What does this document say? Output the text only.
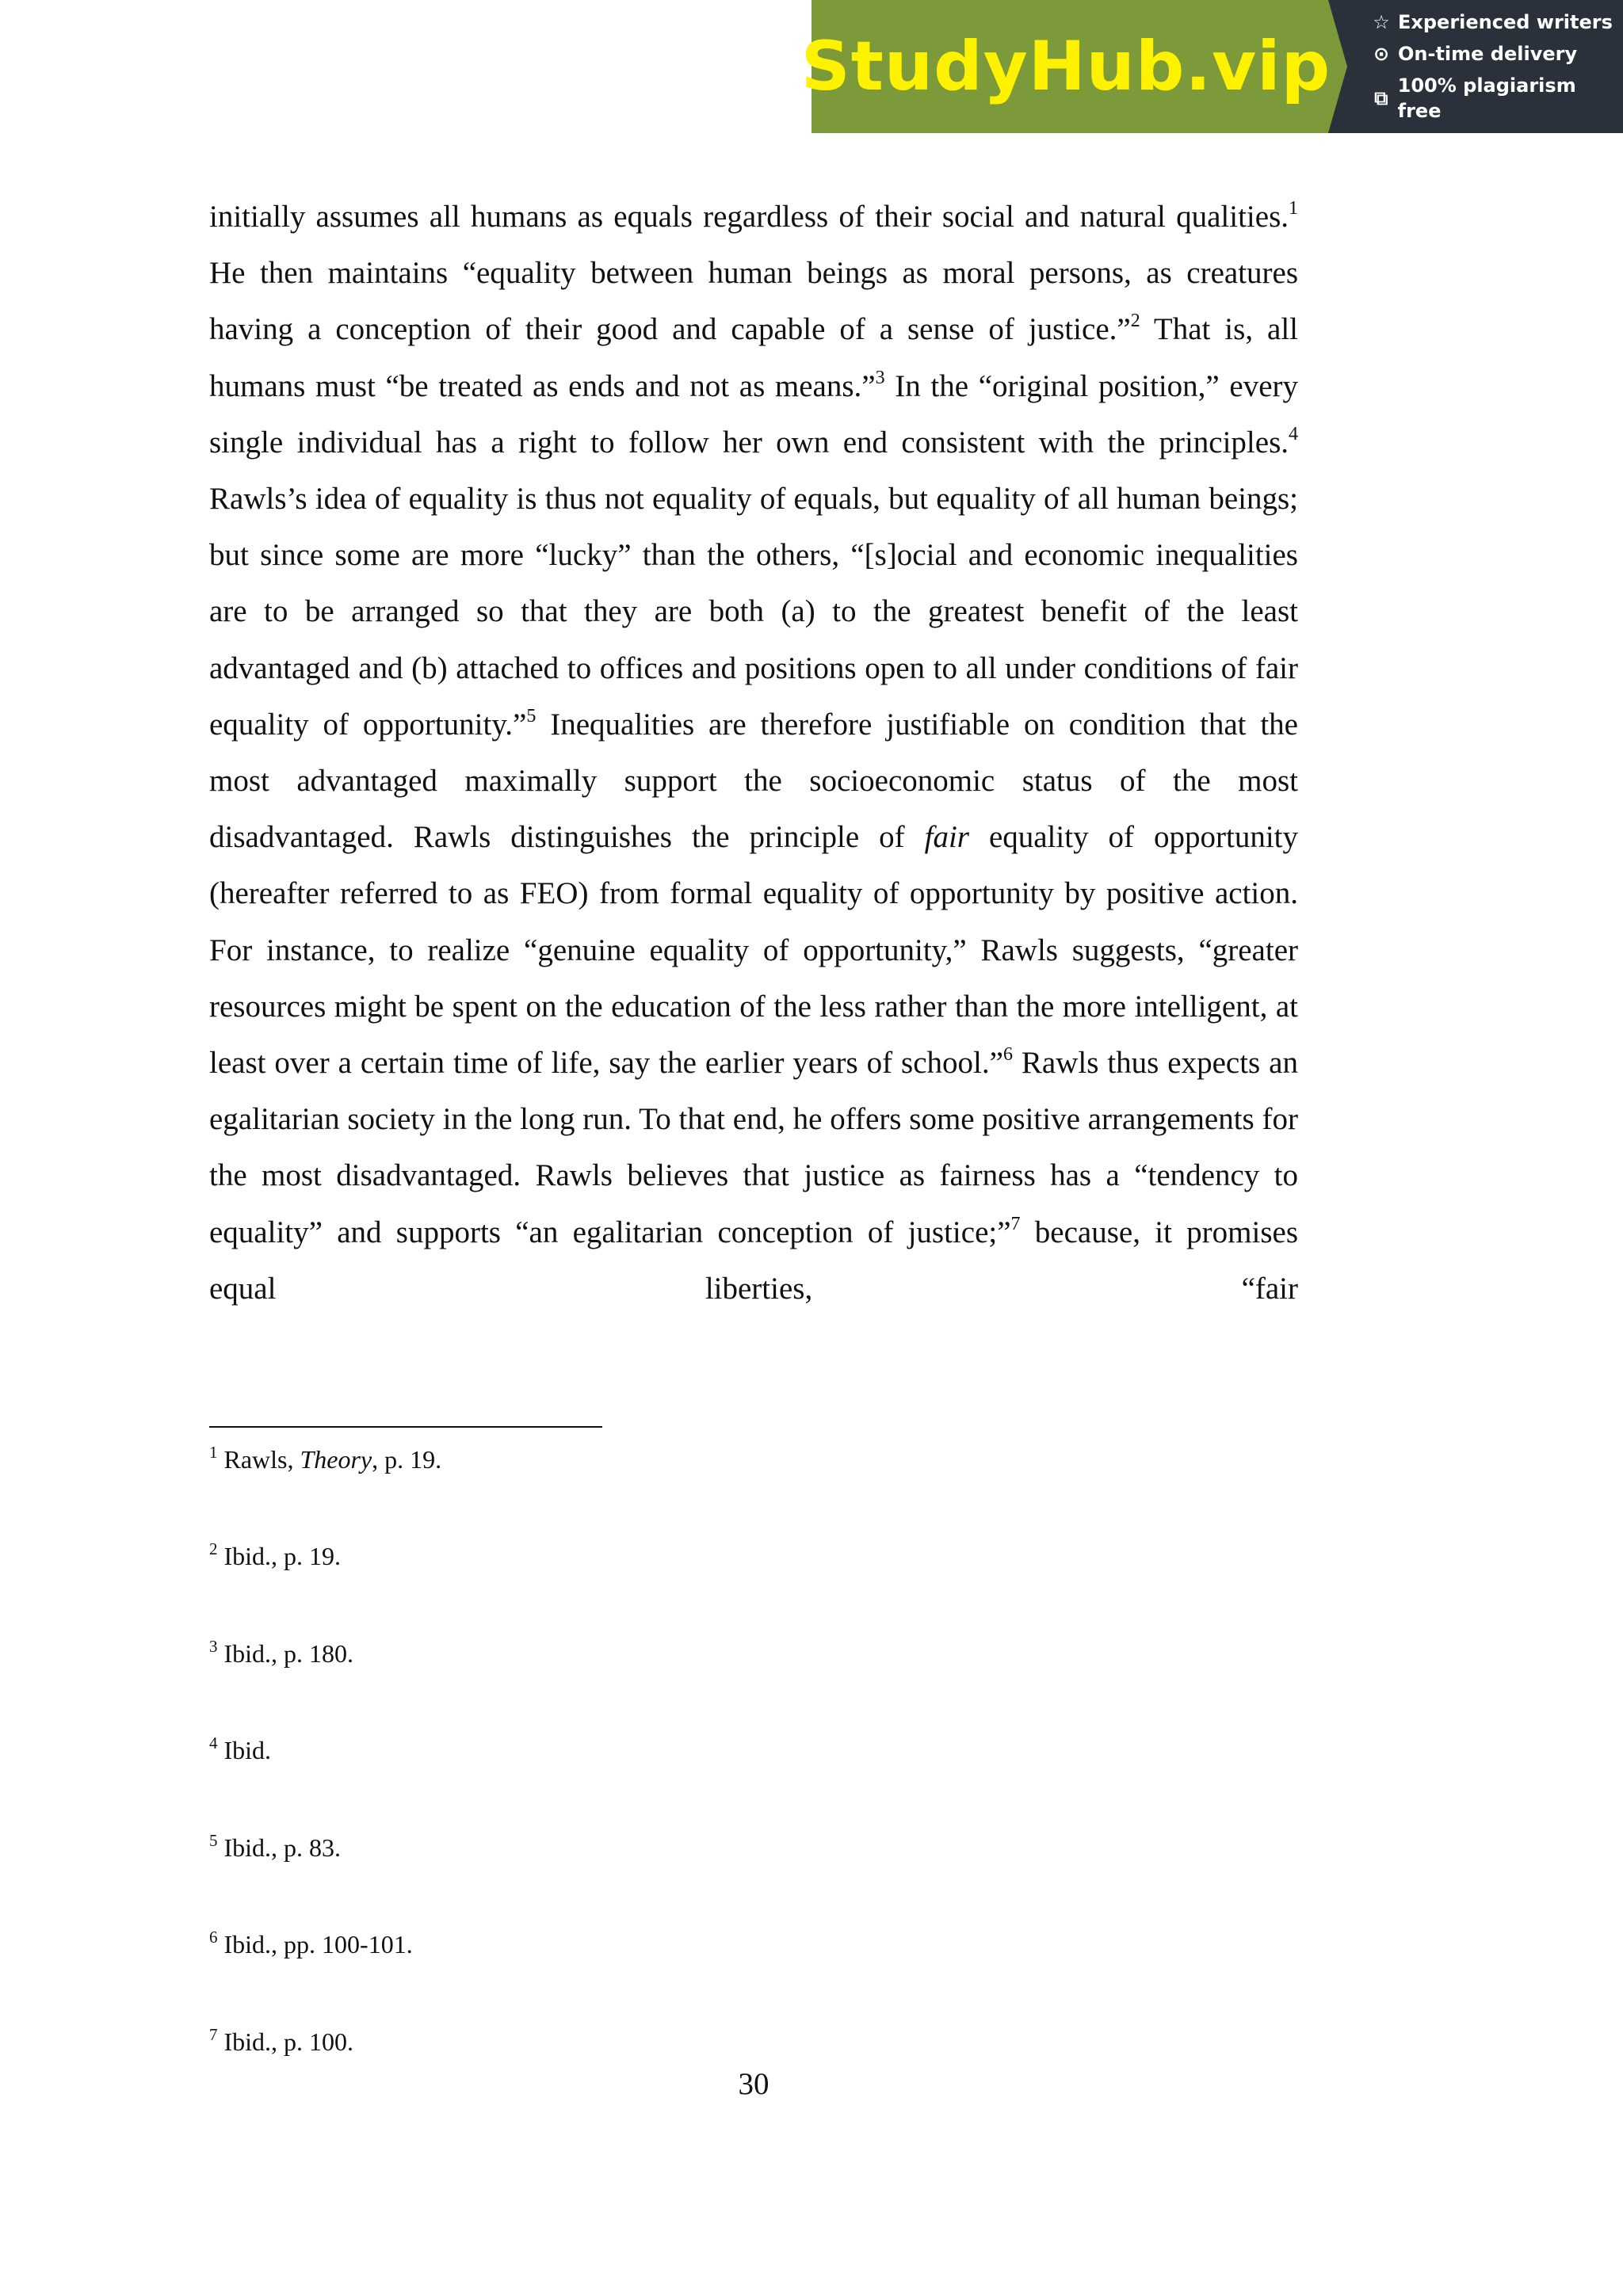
StudyHub.vip
☆ Experienced writers
⊙ On-time delivery
⧉
100% plagiarism free

initially assumes all humans as equals regardless of their social and natural qualities.$^1$ He then maintains “equality between human beings as moral persons, as creatures having a conception of their good and capable of a sense of justice.”$^2$ That is, all humans must “be treated as ends and not as means.”$^3$ In the “original position,” every single individual has a right to follow her own end consistent with the principles.$^4$ Rawls’s idea of equality is thus not equality of equals, but equality of all human beings; but since some are more “lucky” than the others, “[s]ocial and economic inequalities are to be arranged so that they are both (a) to the greatest benefit of the least advantaged and (b) attached to offices and positions open to all under conditions of fair equality of opportunity.”$^5$ Inequalities are therefore justifiable on condition that the most advantaged maximally support the socioeconomic status of the most disadvantaged. Rawls distinguishes the principle of fair equality of opportunity (hereafter referred to as FEO) from formal equality of opportunity by positive action. For instance, to realize “genuine equality of opportunity,” Rawls suggests, “greater resources might be spent on the education of the less rather than the more intelligent, at least over a certain time of life, say the earlier years of school.”$^6$ Rawls thus expects an egalitarian society in the long run. To that end, he offers some positive arrangements for the most disadvantaged. Rawls believes that justice as fairness has a “tendency to equality” and supports “an egalitarian conception of justice;”$^7$ because, it promises equal liberties, “fair

$^1$ Rawls, Theory, p. 19.
$^2$ Ibid., p. 19.
$^3$ Ibid., p. 180.
$^4$ Ibid.
$^5$ Ibid., p. 83.
$^6$ Ibid., pp. 100-101.
$^7$ Ibid., p. 100.
30
